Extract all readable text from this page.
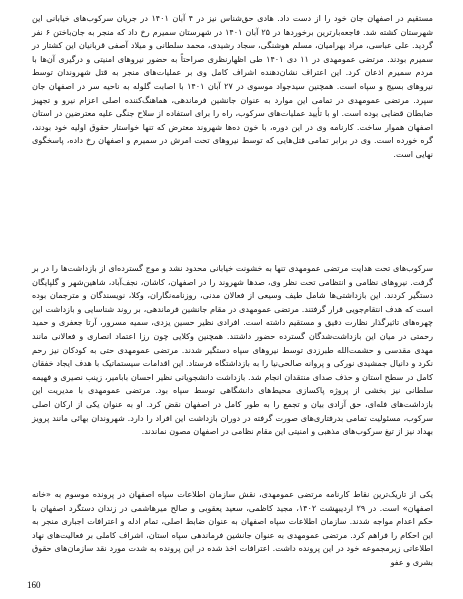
مستقیم در اصفهان جان خود را از دست داد. هادی حق‌شناس نیز در ۴ آبان ۱۴۰۱ در جریان سرکوب‌های خیابانی این شهرستان کشته شد. فاجعه‌بارترین برخوردها در ۲۵ آبان ۱۴۰۱ در شهرستان سمیرم رخ داد که منجر به جان‌باختن ۶ نفر گردید. علی عباسی، مراد بهرامیان، مسلم هوشنگی، سجاد رشیدی، محمد سلطانی و میلاد آصفی قربانیان این کشتار در سمیرم بودند. مرتضی عمومهدی در ۱۱ دی ۱۴۰۱ طی اظهارنظری صراحتاً به حضور نیروهای امنیتی و درگیری آن‌ها با مردم سمیرم اذعان کرد. این اعتراف نشان‌دهنده اشراف کامل وی بر عملیات‌های منجر به قتل شهروندان توسط نیروهای بسیج و سپاه است. همچنین سیدجواد موسوی در ۲۷ آبان ۱۴۰۱ با اصابت گلوله به ناحیه سر در اصفهان جان سپرد. مرتضی عمومهدی در تمامی این موارد به عنوان جانشین فرماندهی، هماهنگ‌کننده اصلی اعزام نیرو و تجهیز ضابطان قضایی بوده است. او با تأیید عملیات‌های سرکوب، راه را برای استفاده از سلاح جنگی علیه معترضین در استان اصفهان هموار ساخت. کارنامه وی در این دوره، با خون ده‌ها شهروند معترض که تنها خواستار حقوق اولیه خود بودند، گره خورده است. وی در برابر تمامی قتل‌هایی که توسط نیروهای تحت امرش در سمیرم و اصفهان رخ داده، پاسخگوی نهایی است.

سرکوب‌های تحت هدایت مرتضی عمومهدی تنها به خشونت خیابانی محدود نشد و موج گسترده‌ای از بازداشت‌ها را در بر گرفت. نیروهای نظامی و انتظامی تحت نظر وی، صدها شهروند را در اصفهان، کاشان، نجف‌آباد، شاهین‌شهر و گلپایگان دستگیر کردند. این بازداشتی‌ها شامل طیف وسیعی از فعالان مدنی، روزنامه‌نگاران، وکلا، نویسندگان و مترجمان بوده است که هدف انتقام‌جویی قرار گرفتند. مرتضی عمومهدی در مقام جانشین فرماندهی، بر روند شناسایی و بازداشت این چهره‌های تاثیرگذار نظارت دقیق و مستقیم داشته است. افرادی نظیر حسین یزدی، سمیه مسرور، آرتا جعفری و حمید رحمتی در میان این بازداشت‌شدگان گسترده حضور داشتند. همچنین وکلایی چون رزا اعتماد انصاری و فعالانی مانند مهدی مقدسی و حشمت‌الله طبرزدی توسط نیروهای سپاه دستگیر شدند. مرتضی عمومهدی حتی به کودکان نیز رحم نکرد و دانیال جمشیدی نورکی و پروانه صالحی‌نیا را به بازداشتگاه فرستاد. این اقدامات سیستماتیک با هدف ایجاد خفقان کامل در سطح استان و حذف صدای منتقدان انجام شد. بازداشت دانشجویانی نظیر احسان بابامیر، زینب نصیری و فهیمه سلطانی نیز بخشی از پروژه پاکسازی محیط‌های دانشگاهی توسط سپاه بود. مرتضی عمومهدی با مدیریت این بازداشت‌های فله‌ای، حق آزادی بیان و تجمع را به طور کامل در اصفهان نقض کرد. او به عنوان یکی از ارکان اصلی سرکوب، مسئولیت تمامی بدرفتاری‌های صورت گرفته در دوران بازداشت این افراد را دارد. شهروندان بهائی مانند پرویز بهداد نیز از تیغ سرکوب‌های مذهبی و امنیتی این مقام نظامی در اصفهان مصون نماندند.

یکی از تاریک‌ترین نقاط کارنامه مرتضی عمومهدی، نقش سازمان اطلاعات سپاه اصفهان در پرونده موسوم به «خانه اصفهان» است. در ۲۹ اردیبهشت ۱۴۰۲، مجید کاظمی، سعید یعقوبی و صالح میرهاشمی در زندان دستگرد اصفهان با حکم اعدام مواجه شدند. سازمان اطلاعات سپاه اصفهان به عنوان ضابط اصلی، تمام ادله و اعترافات اجباری منجر به این احکام را فراهم کرد. مرتضی عمومهدی به عنوان جانشین فرماندهی سپاه استان، اشراف کاملی بر فعالیت‌های نهاد اطلاعاتی زیرمجموعه خود در این پرونده داشت. اعترافات اخذ شده در این پرونده به شدت مورد نقد سازمان‌های حقوق بشری و عفو

160
